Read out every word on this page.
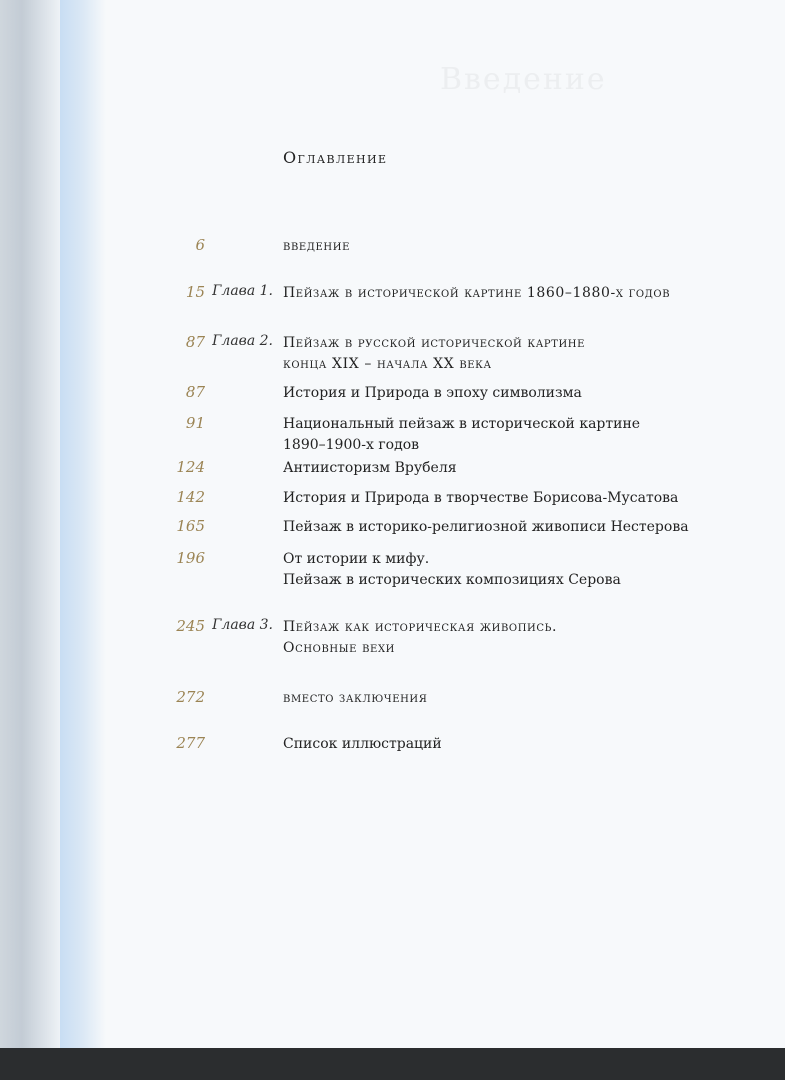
Введение
Оглавление
6	введение
15 Глава 1. Пейзаж в исторической картине 1860–1880-х годов
87 Глава 2. Пейзаж в русской исторической картине
конца XIX – начала XX века
87	История и Природа в эпоху символизма
91	Национальный пейзаж в исторической картине
1890–1900-х годов
124	Антиисторизм Врубеля
142	История и Природа в творчестве Борисова-Мусатова
165	Пейзаж в историко-религиозной живописи Нестерова
196	От истории к мифу.
Пейзаж в исторических композициях Серова
245 Глава 3. Пейзаж как историческая живопись.
Основные вехи
272	вместо заключения
277	Список иллюстраций
